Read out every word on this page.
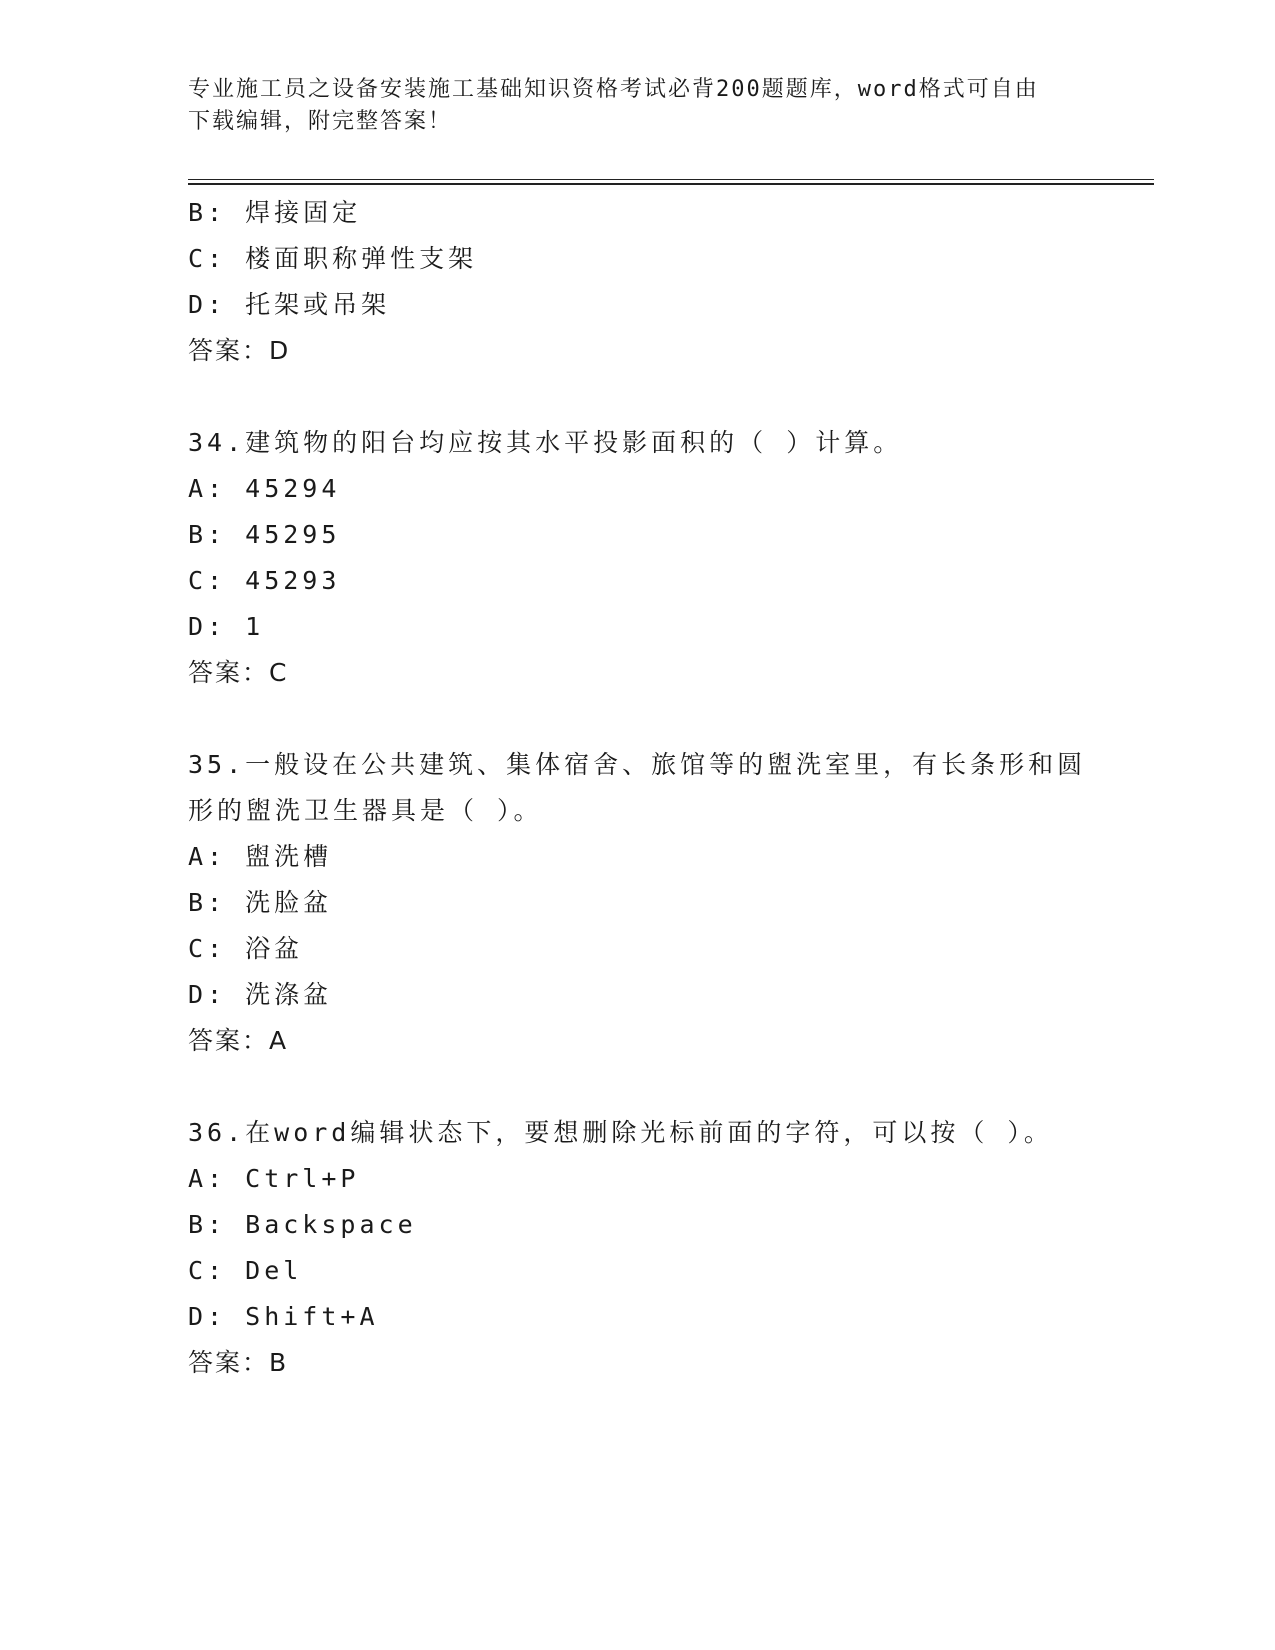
专业施工员之设备安装施工基础知识资格考试必背200题题库，word格式可自由
下载编辑，附完整答案！
B: 焊接固定
C: 楼面职称弹性支架
D: 托架或吊架
答案：D
34.建筑物的阳台均应按其水平投影面积的（ ）计算。
A: 45294
B: 45295
C: 45293
D: 1
答案：C
35.一般设在公共建筑、集体宿舍、旅馆等的盥洗室里，有长条形和圆
形的盥洗卫生器具是（ ）。
A: 盥洗槽
B: 洗脸盆
C: 浴盆
D: 洗涤盆
答案：A
36.在word编辑状态下，要想删除光标前面的字符，可以按（ ）。
A: Ctrl+P
B: Backspace
C: Del
D: Shift+A
答案：B
